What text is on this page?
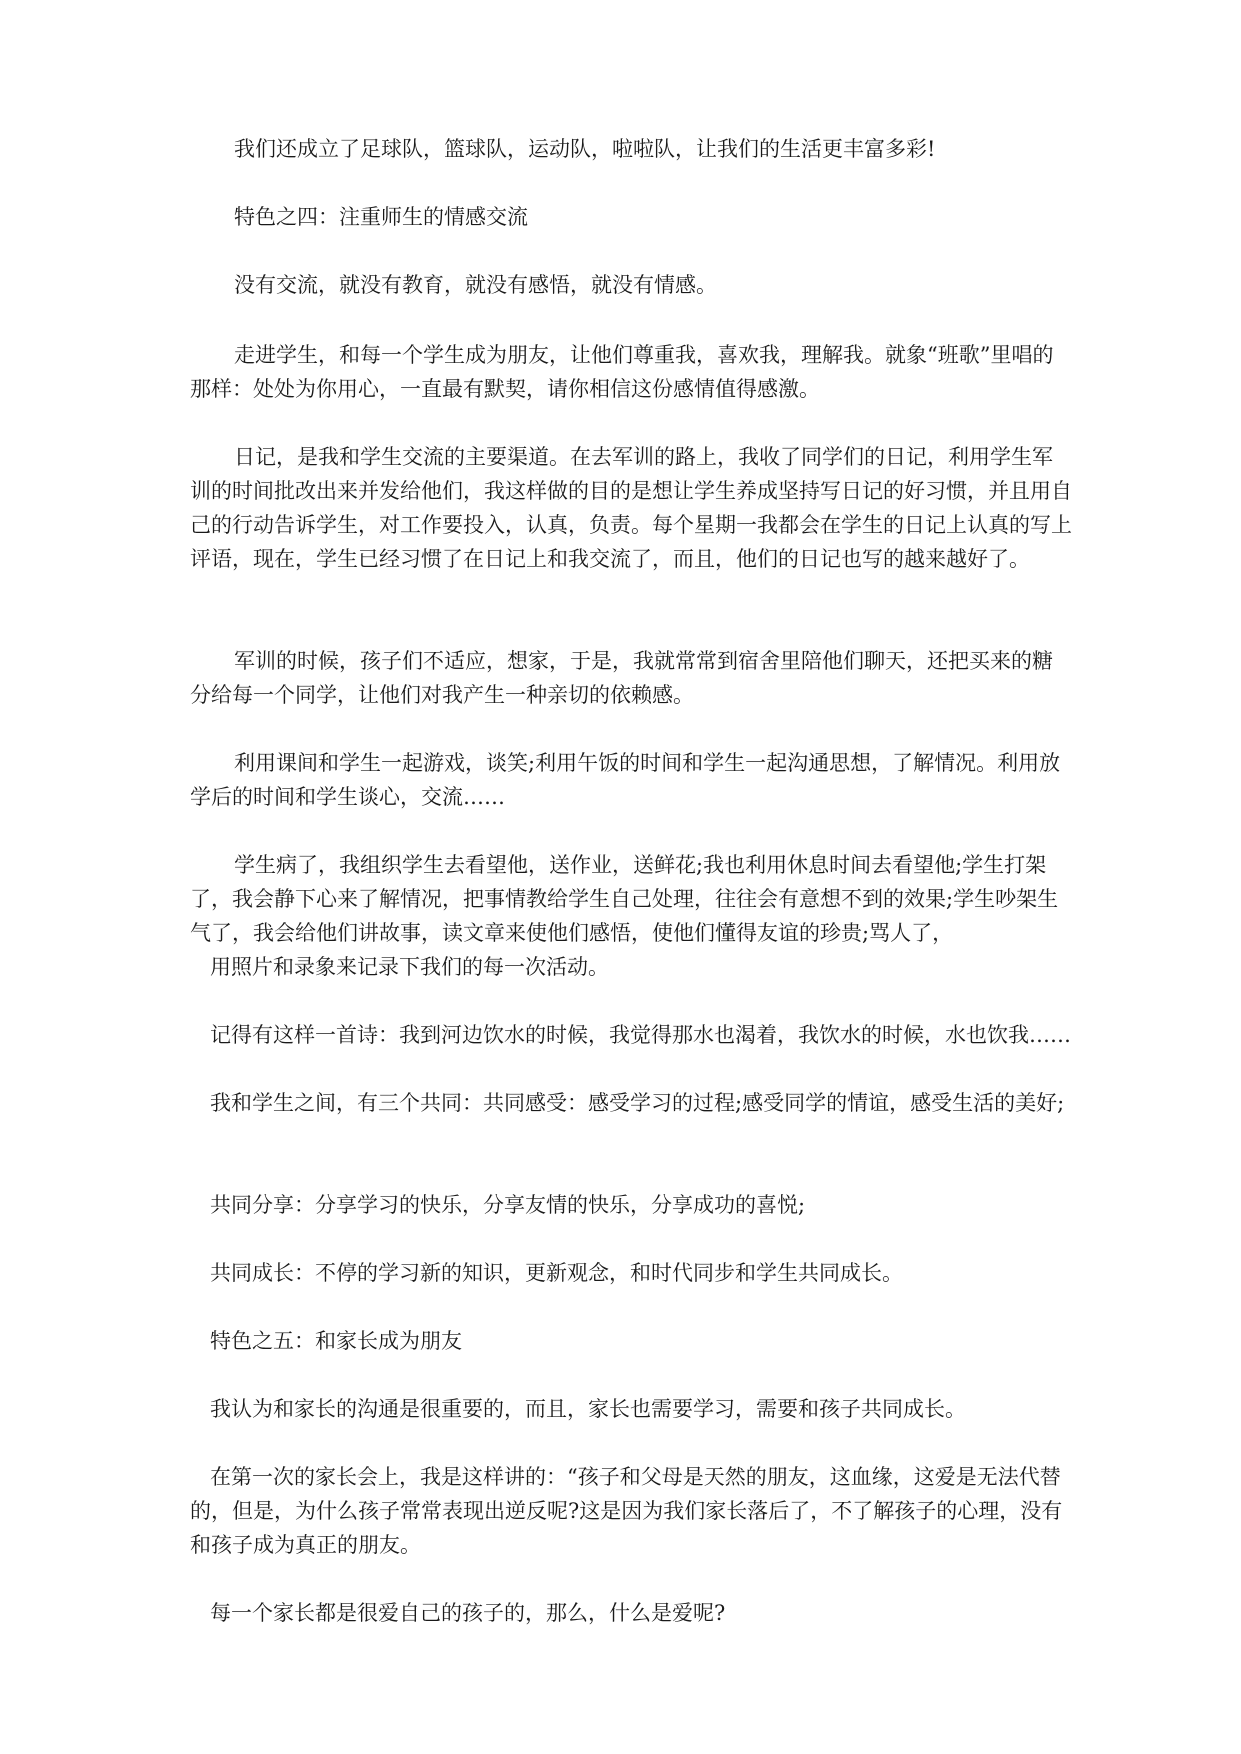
我们还成立了足球队，篮球队，运动队，啦啦队，让我们的生活更丰富多彩!

特色之四：注重师生的情感交流

没有交流，就没有教育，就没有感悟，就没有情感。

走进学生，和每一个学生成为朋友，让他们尊重我，喜欢我，理解我。就象“班歌”里唱的那样：处处为你用心，一直最有默契，请你相信这份感情值得感激。

日记，是我和学生交流的主要渠道。在去军训的路上，我收了同学们的日记，利用学生军训的时间批改出来并发给他们，我这样做的目的是想让学生养成坚持写日记的好习惯，并且用自己的行动告诉学生，对工作要投入，认真，负责。每个星期一我都会在学生的日记上认真的写上评语，现在，学生已经习惯了在日记上和我交流了，而且，他们的日记也写的越来越好了。

军训的时候，孩子们不适应，想家，于是，我就常常到宿舍里陪他们聊天，还把买来的糖分给每一个同学，让他们对我产生一种亲切的依赖感。

利用课间和学生一起游戏，谈笑;利用午饭的时间和学生一起沟通思想，了解情况。利用放学后的时间和学生谈心，交流……

学生病了，我组织学生去看望他，送作业，送鲜花;我也利用休息时间去看望他;学生打架了，我会静下心来了解情况，把事情教给学生自己处理，往往会有意想不到的效果;学生吵架生气了，我会给他们讲故事，读文章来使他们感悟，使他们懂得友谊的珍贵;骂人了，

用照片和录象来记录下我们的每一次活动。

记得有这样一首诗：我到河边饮水的时候，我觉得那水也渴着，我饮水的时候，水也饮我……

我和学生之间，有三个共同：共同感受：感受学习的过程;感受同学的情谊，感受生活的美好;

共同分享：分享学习的快乐，分享友情的快乐，分享成功的喜悦;

共同成长：不停的学习新的知识，更新观念，和时代同步和学生共同成长。

特色之五：和家长成为朋友

我认为和家长的沟通是很重要的，而且，家长也需要学习，需要和孩子共同成长。

在第一次的家长会上，我是这样讲的：“孩子和父母是天然的朋友，这血缘，这爱是无法代替的，但是，为什么孩子常常表现出逆反呢?这是因为我们家长落后了，不了解孩子的心理，没有和孩子成为真正的朋友。

每一个家长都是很爱自己的孩子的，那么，什么是爱呢?
